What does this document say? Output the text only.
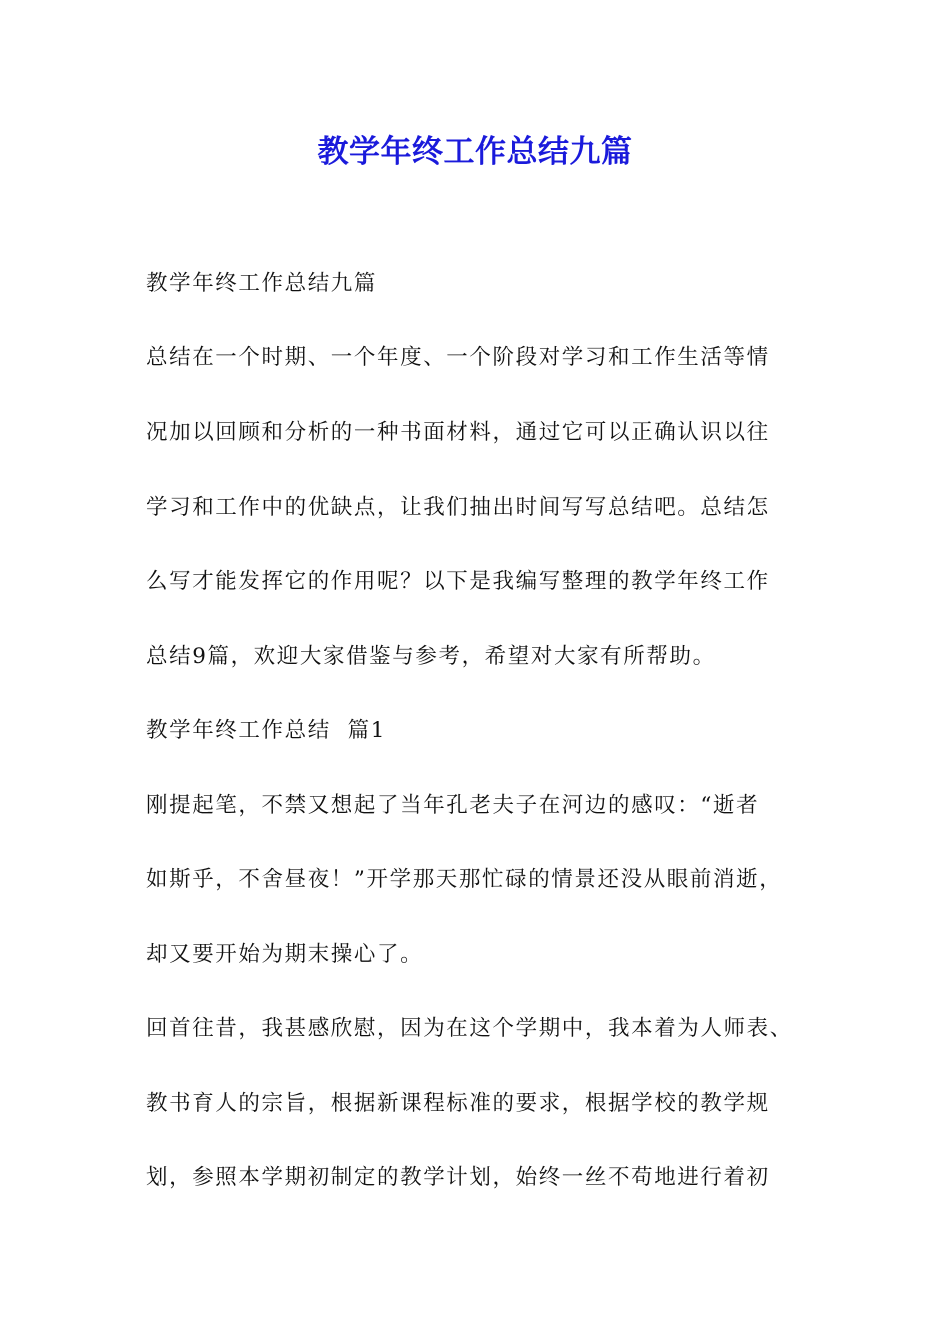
教学年终工作总结九篇
教学年终工作总结九篇
总结在一个时期、一个年度、一个阶段对学习和工作生活等情
况加以回顾和分析的一种书面材料，通过它可以正确认识以往
学习和工作中的优缺点，让我们抽出时间写写总结吧。总结怎
么写才能发挥它的作用呢？以下是我编写整理的教学年终工作
总结9篇，欢迎大家借鉴与参考，希望对大家有所帮助。
教学年终工作总结  篇1
刚提起笔，不禁又想起了当年孔老夫子在河边的感叹：“逝者
如斯乎，不舍昼夜！”开学那天那忙碌的情景还没从眼前消逝，
却又要开始为期末操心了。
回首往昔，我甚感欣慰，因为在这个学期中，我本着为人师表、
教书育人的宗旨，根据新课程标准的要求，根据学校的教学规
划，参照本学期初制定的教学计划，始终一丝不苟地进行着初
